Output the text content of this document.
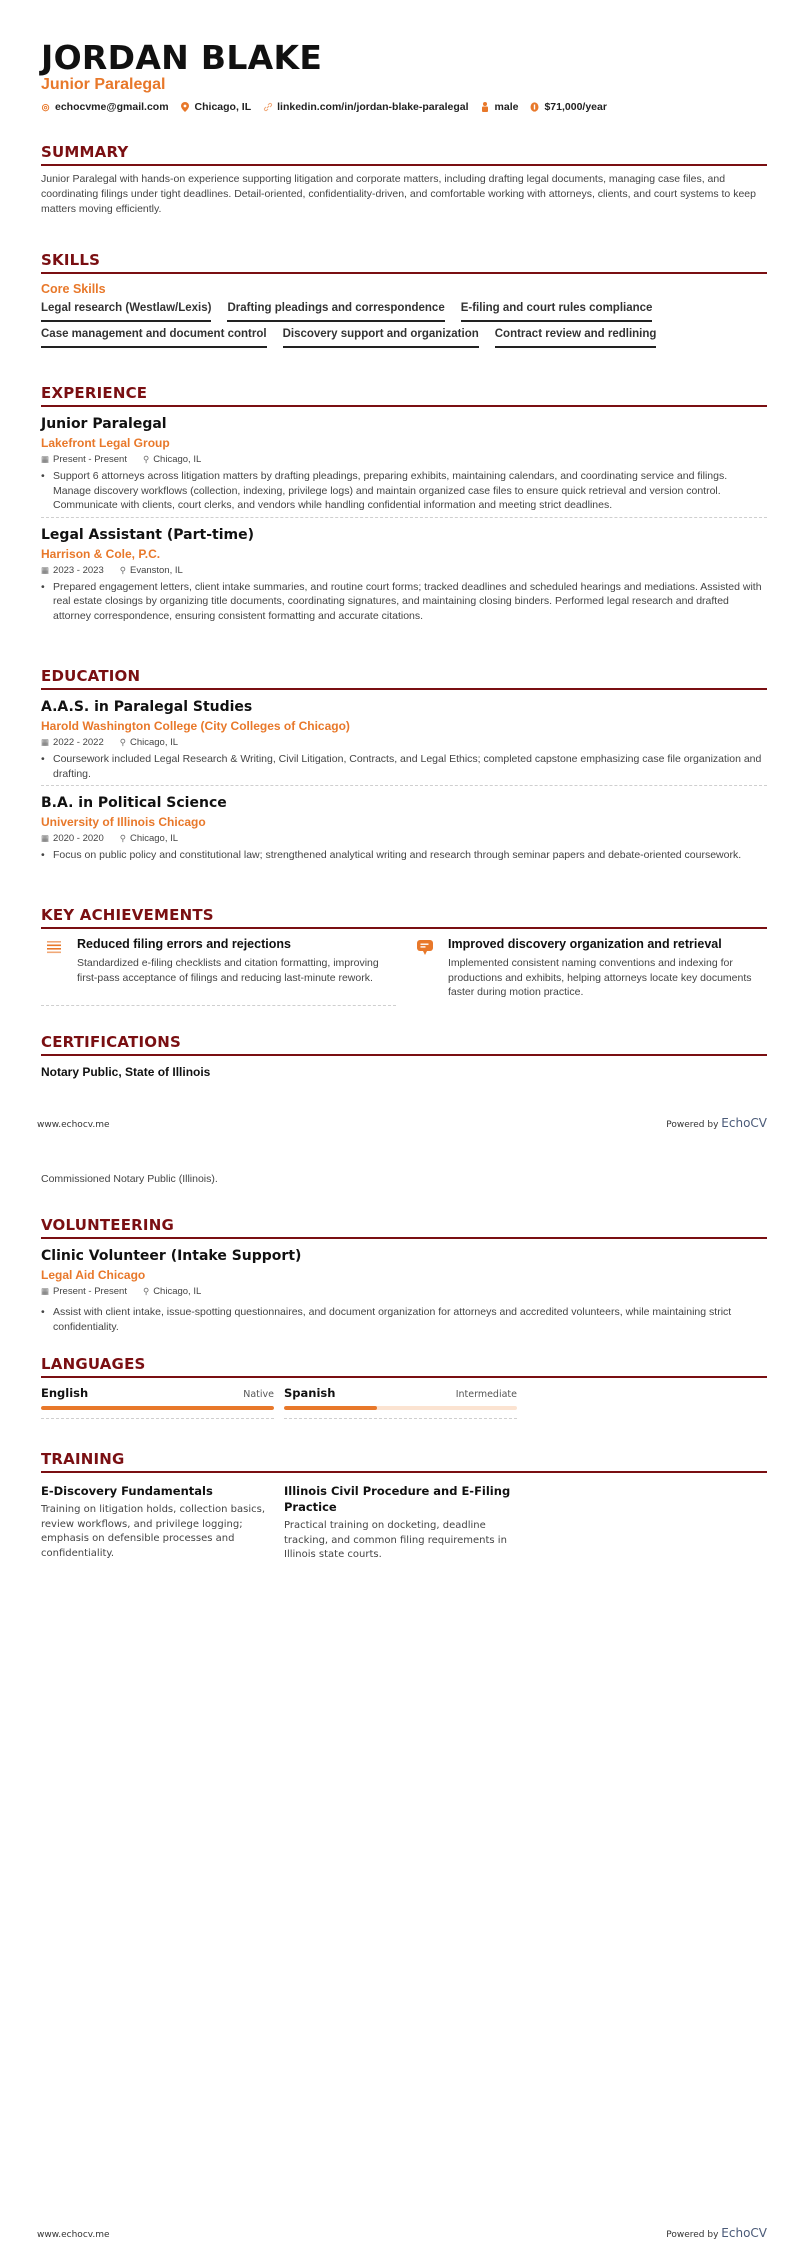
JORDAN BLAKE
Junior Paralegal
◎ echocvme@gmail.com Chicago, IL linkedin.com/in/jordan-blake-paralegal male $71,000/year
SUMMARY
Junior Paralegal with hands-on experience supporting litigation and corporate matters, including drafting legal documents, managing case files, and coordinating filings under tight deadlines. Detail-oriented, confidentiality-driven, and comfortable working with attorneys, clients, and court systems to keep matters moving efficiently.
SKILLS
Core Skills
Legal research (Westlaw/Lexis) Drafting pleadings and correspondence E-filing and court rules compliance
Case management and document control Discovery support and organization Contract review and redlining
EXPERIENCE
Junior Paralegal
Lakefront Legal Group
▦ Present - Present ⚲ Chicago, IL
• Support 6 attorneys across litigation matters by drafting pleadings, preparing exhibits, maintaining calendars, and coordinating service and filings. Manage discovery workflows (collection, indexing, privilege logs) and maintain organized case files to ensure quick retrieval and version control. Communicate with clients, court clerks, and vendors while handling confidential information and meeting strict deadlines.
Legal Assistant (Part-time)
Harrison & Cole, P.C.
▦ 2023 - 2023 ⚲ Evanston, IL
• Prepared engagement letters, client intake summaries, and routine court forms; tracked deadlines and scheduled hearings and mediations. Assisted with real estate closings by organizing title documents, coordinating signatures, and maintaining closing binders. Performed legal research and drafted attorney correspondence, ensuring consistent formatting and accurate citations.
EDUCATION
A.A.S. in Paralegal Studies
Harold Washington College (City Colleges of Chicago)
▦ 2022 - 2022 ⚲ Chicago, IL
• Coursework included Legal Research & Writing, Civil Litigation, Contracts, and Legal Ethics; completed capstone emphasizing case file organization and drafting.
B.A. in Political Science
University of Illinois Chicago
▦ 2020 - 2020 ⚲ Chicago, IL
• Focus on public policy and constitutional law; strengthened analytical writing and research through seminar papers and debate-oriented coursework.
KEY ACHIEVEMENTS
Reduced filing errors and rejections
Standardized e-filing checklists and citation formatting, improving first-pass acceptance of filings and reducing last-minute rework.
Improved discovery organization and retrieval
Implemented consistent naming conventions and indexing for productions and exhibits, helping attorneys locate key documents faster during motion practice.
CERTIFICATIONS
Notary Public, State of Illinois
Commissioned Notary Public (Illinois).
VOLUNTEERING
Clinic Volunteer (Intake Support)
Legal Aid Chicago
▦ Present - Present ⚲ Chicago, IL
• Assist with client intake, issue-spotting questionnaires, and document organization for attorneys and accredited volunteers, while maintaining strict confidentiality.
LANGUAGES
English	Native Spanish	Intermediate
TRAINING
E-Discovery Fundamentals
Training on litigation holds, collection basics, review workflows, and privilege logging; emphasis on defensible processes and confidentiality.
Illinois Civil Procedure and E-Filing Practice
Practical training on docketing, deadline tracking, and common filing requirements in Illinois state courts.
www.echocv.me	Powered by EchoCV
www.echocv.me	Powered by EchoCV
